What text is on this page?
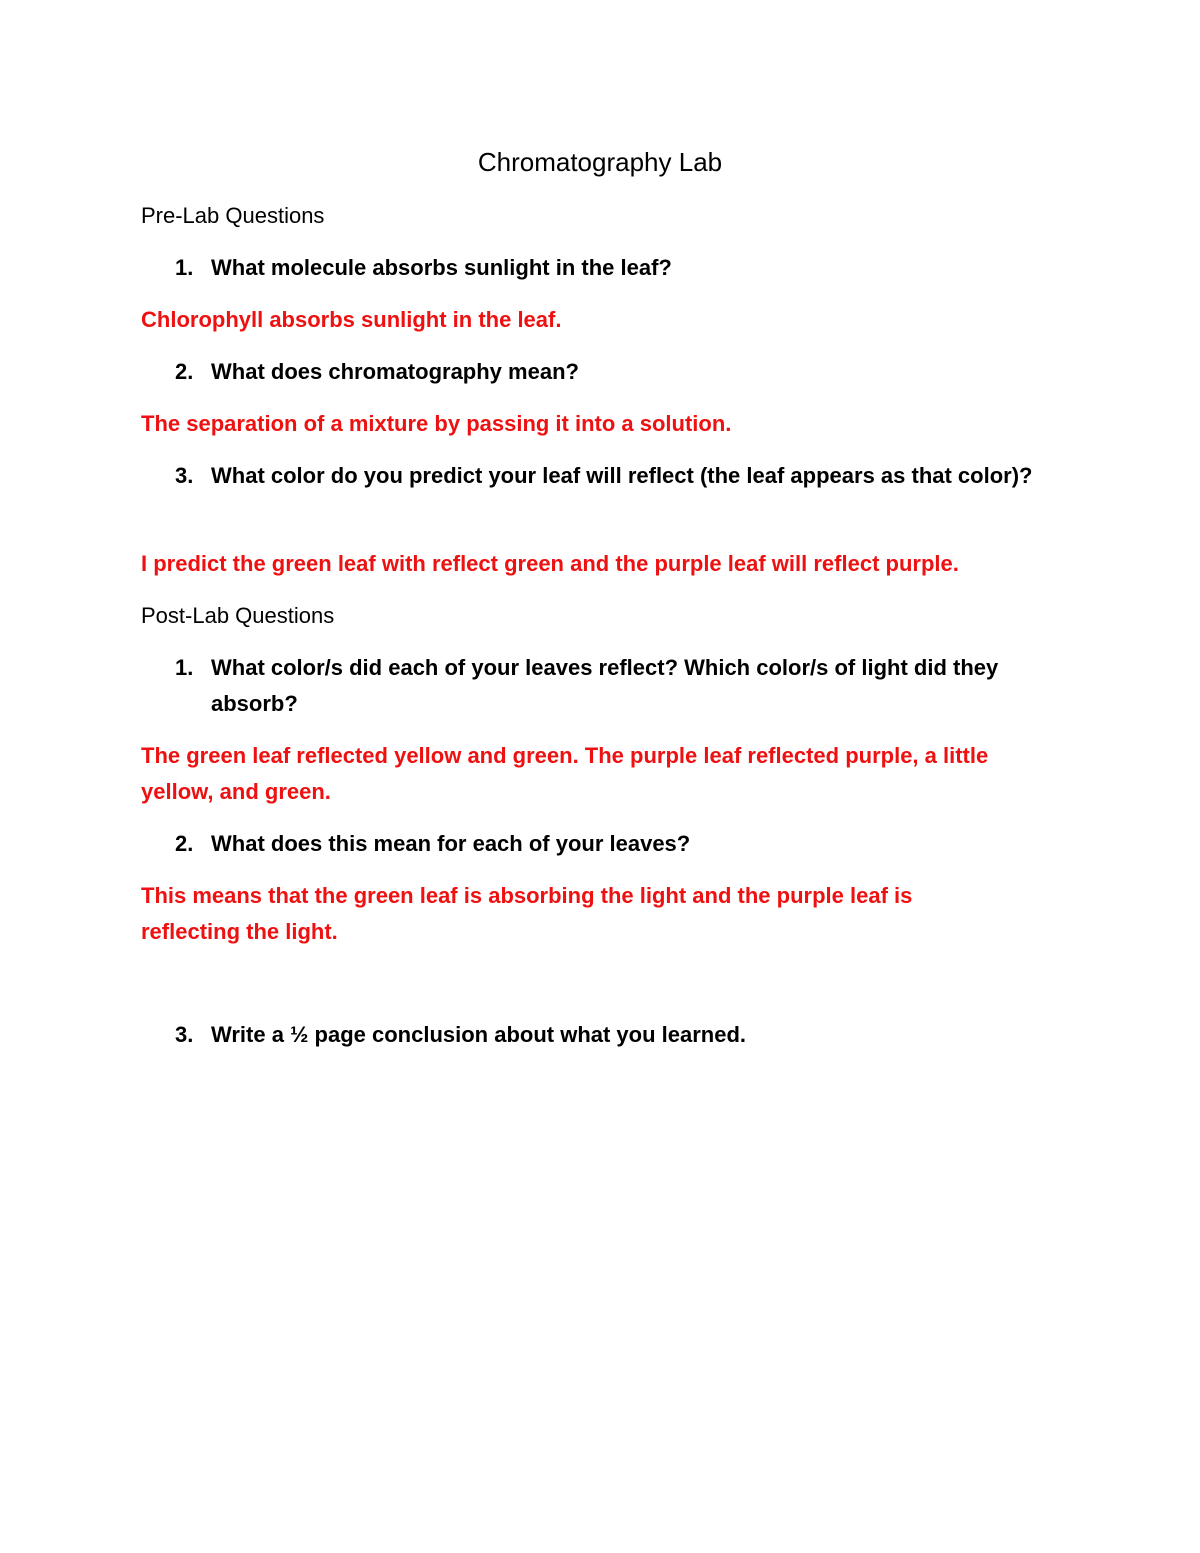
Chromatography Lab

Pre-Lab Questions

1. What molecule absorbs sunlight in the leaf?

Chlorophyll absorbs sunlight in the leaf.

2. What does chromatography mean?

The separation of a mixture by passing it into a solution.

3. What color do you predict your leaf will reflect (the leaf appears as that color)?

I predict the green leaf with reflect green and the purple leaf will reflect purple.

Post-Lab Questions

1. What color/s did each of your leaves reflect? Which color/s of light did they absorb?

The green leaf reflected yellow and green. The purple leaf reflected purple, a little yellow, and green.

2. What does this mean for each of your leaves?

This means that the green leaf is absorbing the light and the purple leaf is reflecting the light.

3. Write a ½ page conclusion about what you learned.
